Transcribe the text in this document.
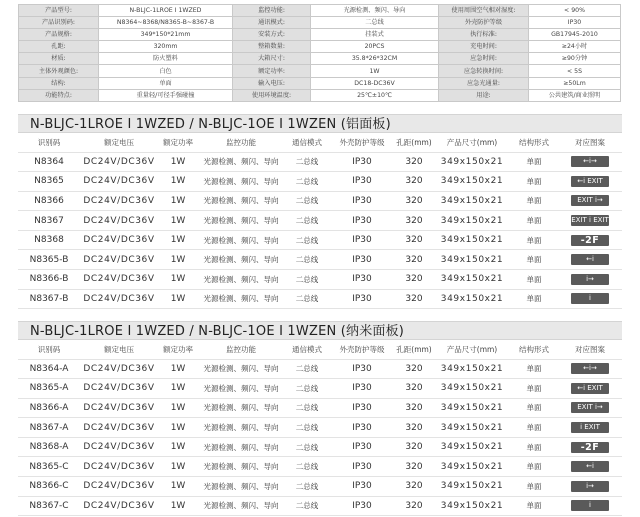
产品型号:	N-BLJC-1LROE I 1WZED	监控功能:	光源检测、频闪、导向	使用周围空气相对湿度:	< 90%
产品识别码:	N8364~8368/N8365-B~8367-B	通讯模式:	二总线	外壳防护等级	IP30
产品规格:	349*150*21mm	安装方式:	挂装式	执行标准:	GB17945-2010
孔距:	320mm	整箱数量:	20PCS	充电时间:	≥24小时
材质:	防火塑料	大箱尺寸:	35.8*26*32CM	应急时间:	≥90分钟
主体外观颜色:	白色	额定功率:	1W	应急转换时间:	< 5S
结构:	单面	输入电压:	DC18-DC36V	应急光通量:	≥50Lm
功能特点:	重量轻/可径手强碰撞	使用环境温度:	25℃±10℃	用途:	公共建筑/商业照明
N-BLJC-1LROE I 1WZED / N-BLJC-1OE I 1WZEN (铝面板)
识别码	额定电压	额定功率	监控功能	通信模式	外壳防护等级	孔距(mm)	产品尺寸(mm)	结构形式	对应图案
N8364	DC24V/DC36V	1W	光源检测、频闪、导向	二总线	IP30	320	349x150x21	单面	←ⅰ→
N8365	DC24V/DC36V	1W	光源检测、频闪、导向	二总线	IP30	320	349x150x21	单面	←ⅰ EXIT
N8366	DC24V/DC36V	1W	光源检测、频闪、导向	二总线	IP30	320	349x150x21	单面	EXIT ⅰ→
N8367	DC24V/DC36V	1W	光源检测、频闪、导向	二总线	IP30	320	349x150x21	单面	EXIT ⅰ EXIT
N8368	DC24V/DC36V	1W	光源检测、频闪、导向	二总线	IP30	320	349x150x21	单面	-2F
N8365-B	DC24V/DC36V	1W	光源检测、频闪、导向	二总线	IP30	320	349x150x21	单面	←ⅰ
N8366-B	DC24V/DC36V	1W	光源检测、频闪、导向	二总线	IP30	320	349x150x21	单面	ⅰ→
N8367-B	DC24V/DC36V	1W	光源检测、频闪、导向	二总线	IP30	320	349x150x21	单面	ⅰ
N-BLJC-1LROE I 1WZED / N-BLJC-1OE I 1WZEN (纳米面板)
识别码	额定电压	额定功率	监控功能	通信模式	外壳防护等级	孔距(mm)	产品尺寸(mm)	结构形式	对应图案
N8364-A	DC24V/DC36V	1W	光源检测、频闪、导向	二总线	IP30	320	349x150x21	单面	←ⅰ→
N8365-A	DC24V/DC36V	1W	光源检测、频闪、导向	二总线	IP30	320	349x150x21	单面	←ⅰ EXIT
N8366-A	DC24V/DC36V	1W	光源检测、频闪、导向	二总线	IP30	320	349x150x21	单面	EXIT ⅰ→
N8367-A	DC24V/DC36V	1W	光源检测、频闪、导向	二总线	IP30	320	349x150x21	单面	ⅰ EXIT
N8368-A	DC24V/DC36V	1W	光源检测、频闪、导向	二总线	IP30	320	349x150x21	单面	-2F
N8365-C	DC24V/DC36V	1W	光源检测、频闪、导向	二总线	IP30	320	349x150x21	单面	←ⅰ
N8366-C	DC24V/DC36V	1W	光源检测、频闪、导向	二总线	IP30	320	349x150x21	单面	ⅰ→
N8367-C	DC24V/DC36V	1W	光源检测、频闪、导向	二总线	IP30	320	349x150x21	单面	ⅰ
